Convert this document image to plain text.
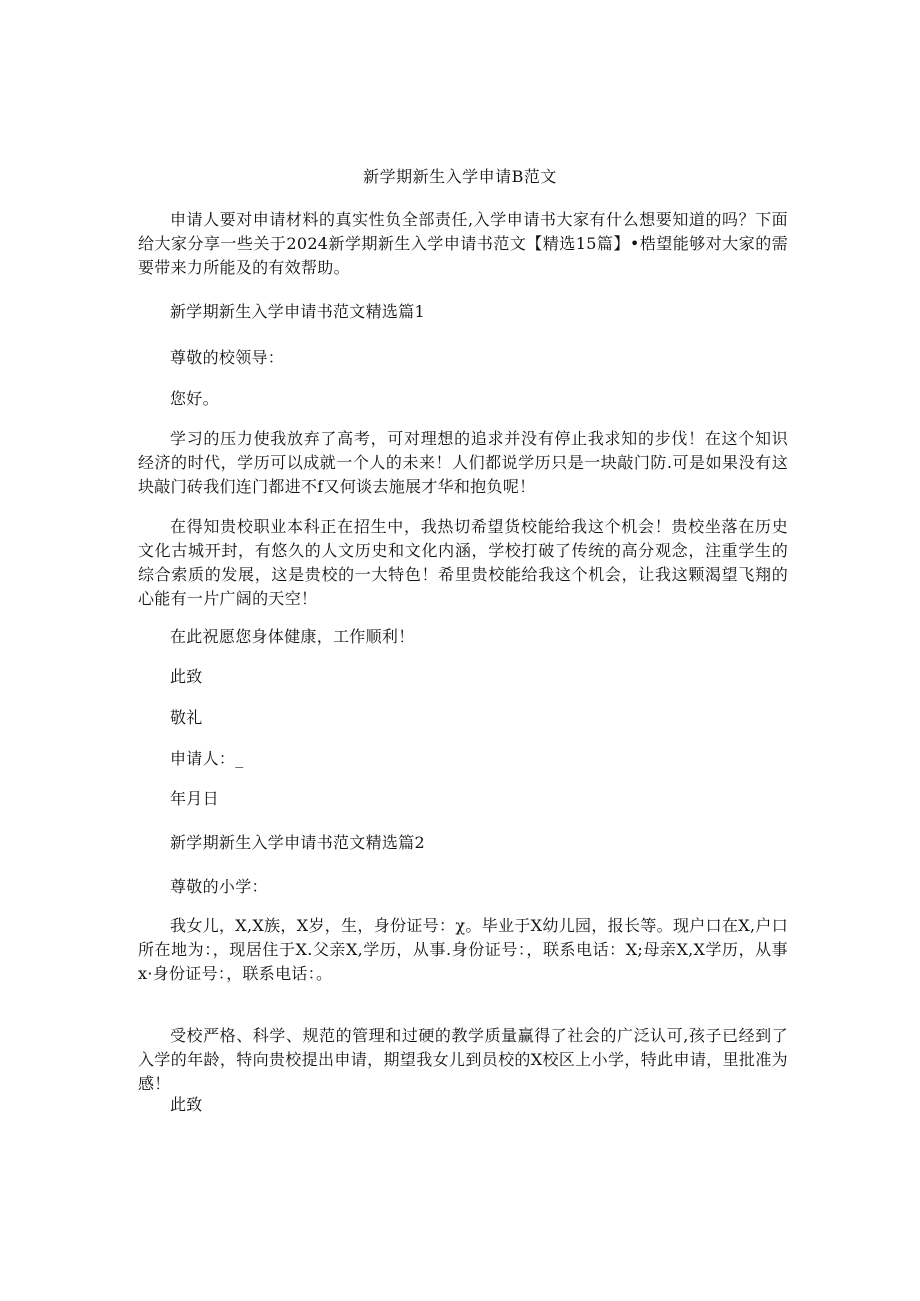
新学期新生入学申请B范文
申请人要对申请材料的真实性负全部责任,入学申请书大家有什么想要知道的吗？下面给大家分享一些关于2024新学期新生入学申请书范文【精选15篇】•梏望能够对大家的需要带来力所能及的有效帮助。
新学期新生入学申请书范文精选篇1
尊敬的校领导：
您好。
学习的压力使我放弃了高考，可对理想的追求并没有停止我求知的步伐！在这个知识经济的时代，学历可以成就一个人的未来！人们都说学历只是一块敲门防.可是如果没有这块敲门砖我们连门都进不f又何谈去施展才华和抱负呢！
在得知贵校职业本科正在招生中，我热切希望货校能给我这个机会！贵校坐落在历史文化古城开封，有悠久的人文历史和文化内涵，学校打破了传统的高分观念，注重学生的综合索质的发展，这是贵校的一大特色！希里贵校能给我这个机会，让我这颗渴望飞翔的心能有一片广阔的天空！
在此祝愿您身体健康，工作顺利！
此致
敬礼
申请人：_
年月日
新学期新生入学申请书范文精选篇2
尊敬的小学：
我女儿，X,X族，X岁，生，身份证号：χ。毕业于X幼儿园，报长等。现户口在X,户口所在地为：，现居住于X.父亲X,学历，从事.身份证号：，联系电话：X;母亲X,X学历，从事x·身份证号：，联系电话：。
受校严格、科学、规范的管理和过硬的教学质量赢得了社会的广泛认可,孩子已经到了入学的年龄，特向贵校提出申请，期望我女儿到员校的X校区上小学，特此申请，里批准为感！
此致
